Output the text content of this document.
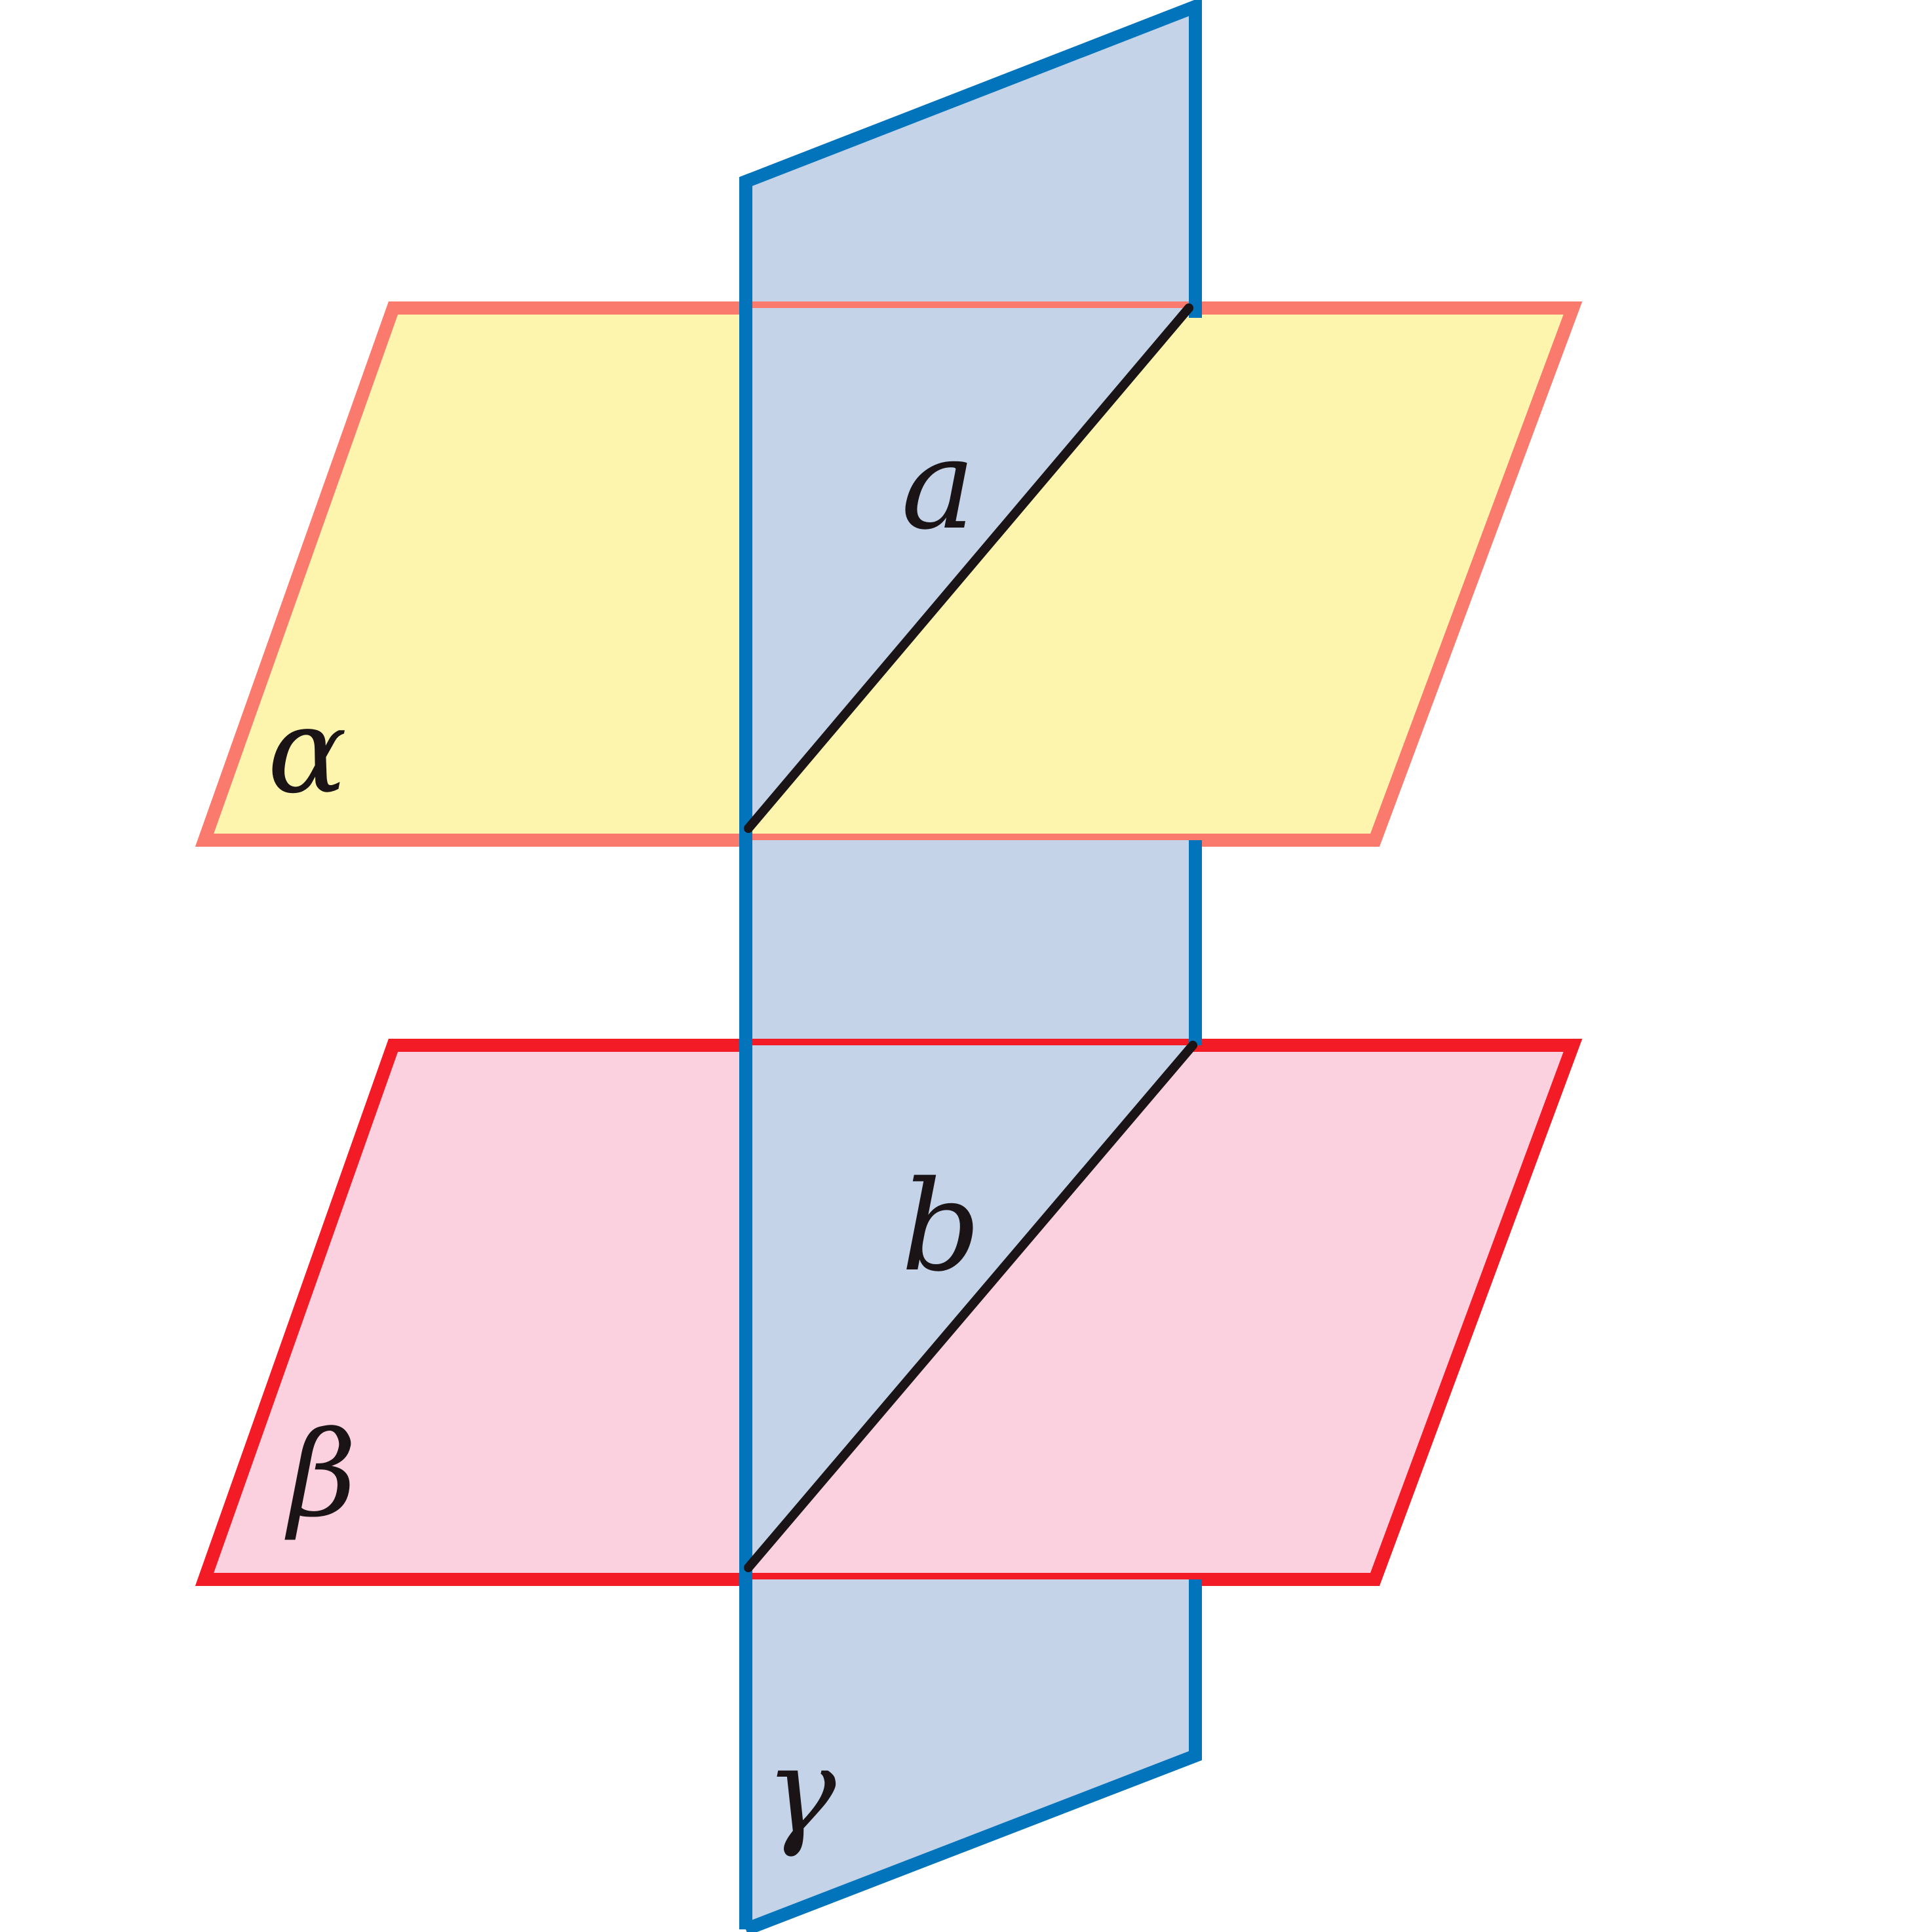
α
β
γ
a
b
